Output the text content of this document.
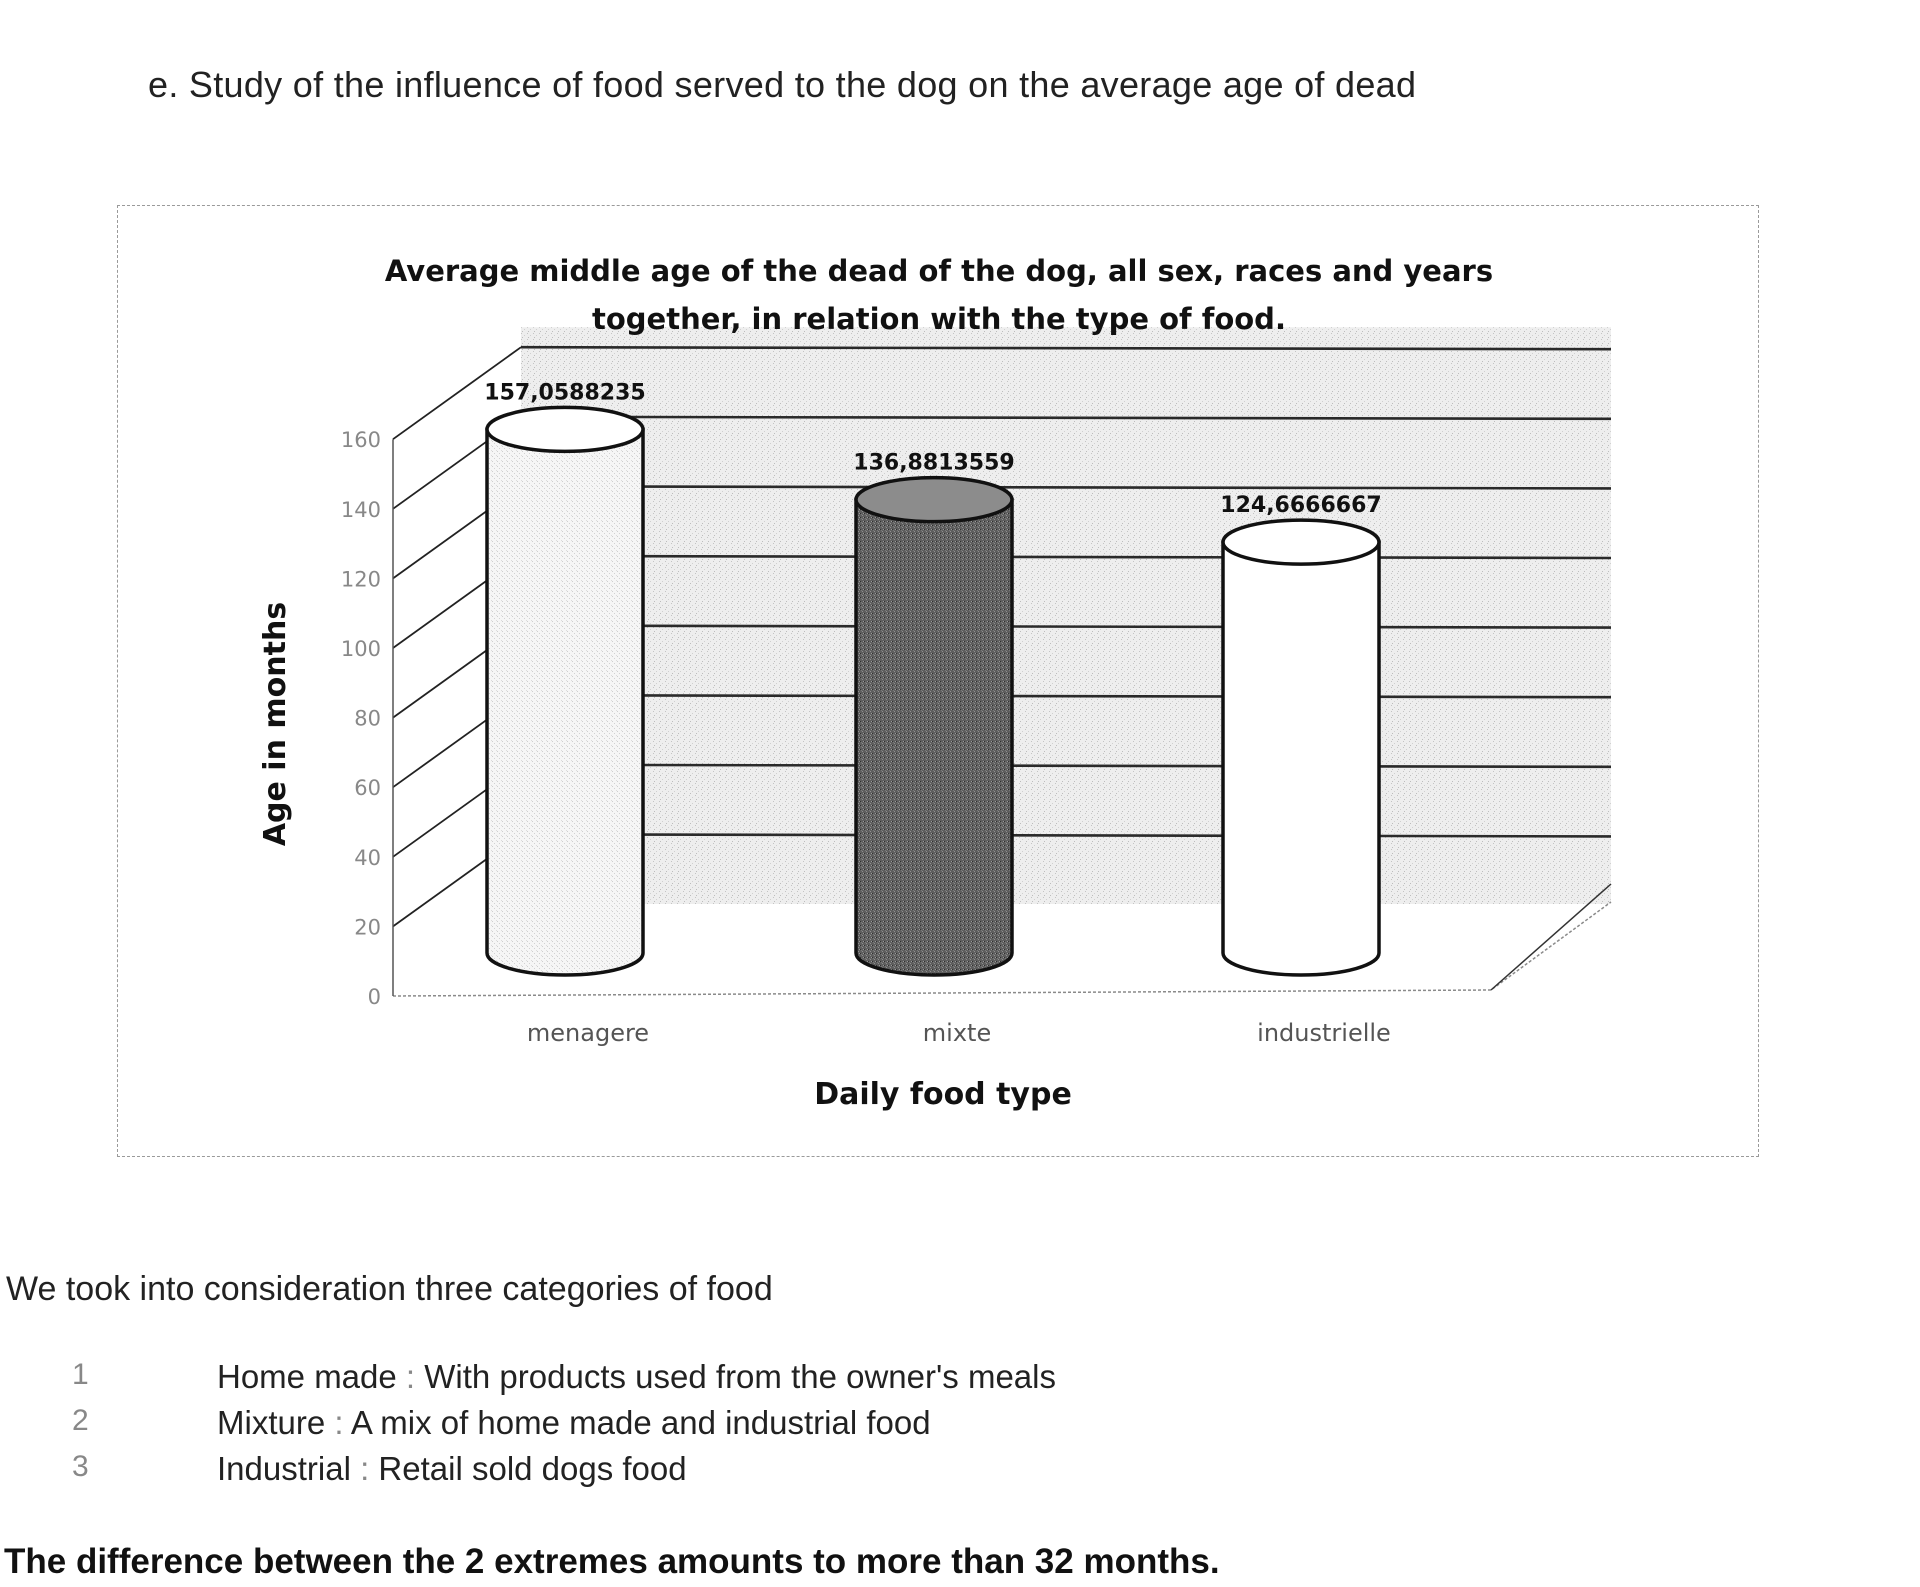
e. Study of the influence of food served to the dog on the average age of dead
0
20
40
60
80
100
120
140
160
157,0588235
menagere
136,8813559
mixte
124,6666667
industrielle
Average middle age of the dead of the dog, all sex, races and years
together, in relation with the type of food.
Daily food type
Age in months
We took into consideration three categories of food
1	Home made : With products used from the owner's meals
2	Mixture : A mix of home made and industrial food
3	Industrial : Retail sold dogs food
The difference between the 2 extremes amounts to more than 32 months.
